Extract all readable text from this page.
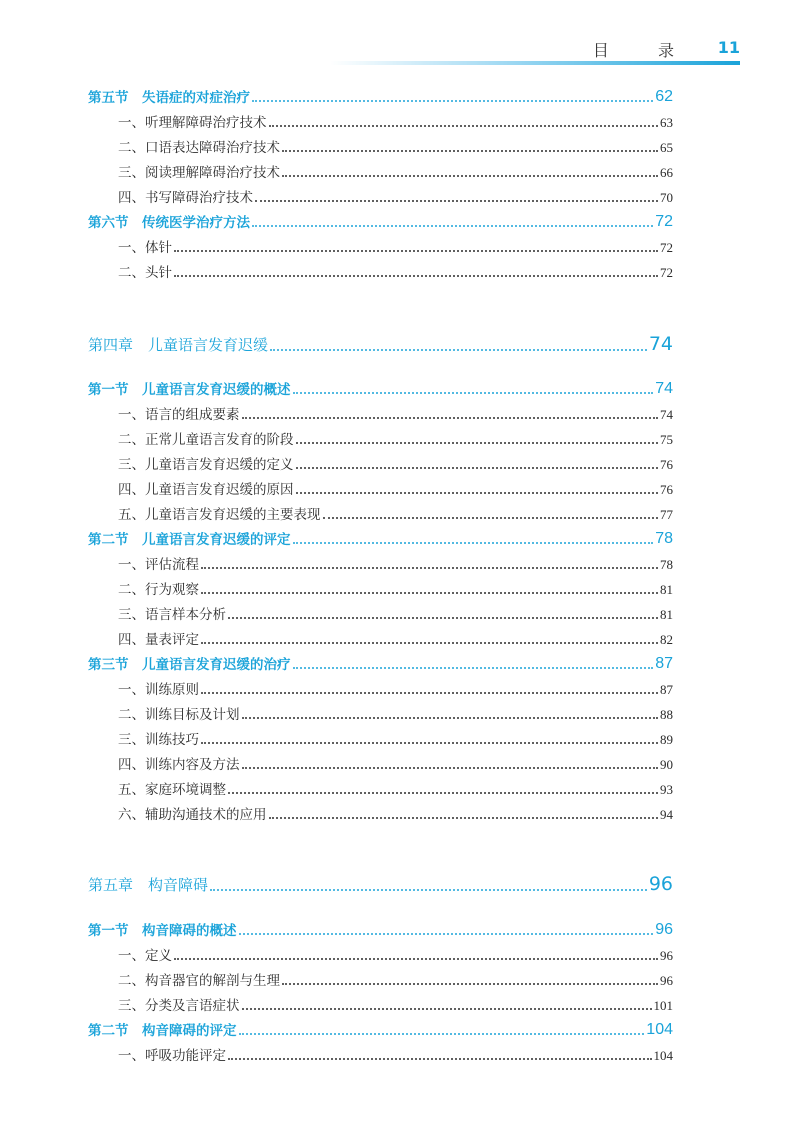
目 录 11
第五节　失语症的对症治疗	62
一、听理解障碍治疗技术	63
二、口语表达障碍治疗技术	65
三、阅读理解障碍治疗技术	66
四、书写障碍治疗技术	70
第六节　传统医学治疗方法	72
一、体针	72
二、头针	72
第四章　儿童语言发育迟缓	74
第一节　儿童语言发育迟缓的概述	74
一、语言的组成要素	74
二、正常儿童语言发育的阶段	75
三、儿童语言发育迟缓的定义	76
四、儿童语言发育迟缓的原因	76
五、儿童语言发育迟缓的主要表现	77
第二节　儿童语言发育迟缓的评定	78
一、评估流程	78
二、行为观察	81
三、语言样本分析	81
四、量表评定	82
第三节　儿童语言发育迟缓的治疗	87
一、训练原则	87
二、训练目标及计划	88
三、训练技巧	89
四、训练内容及方法	90
五、家庭环境调整	93
六、辅助沟通技术的应用	94
第五章　构音障碍	96
第一节　构音障碍的概述	96
一、定义	96
二、构音器官的解剖与生理	96
三、分类及言语症状	101
第二节　构音障碍的评定	104
一、呼吸功能评定	104
